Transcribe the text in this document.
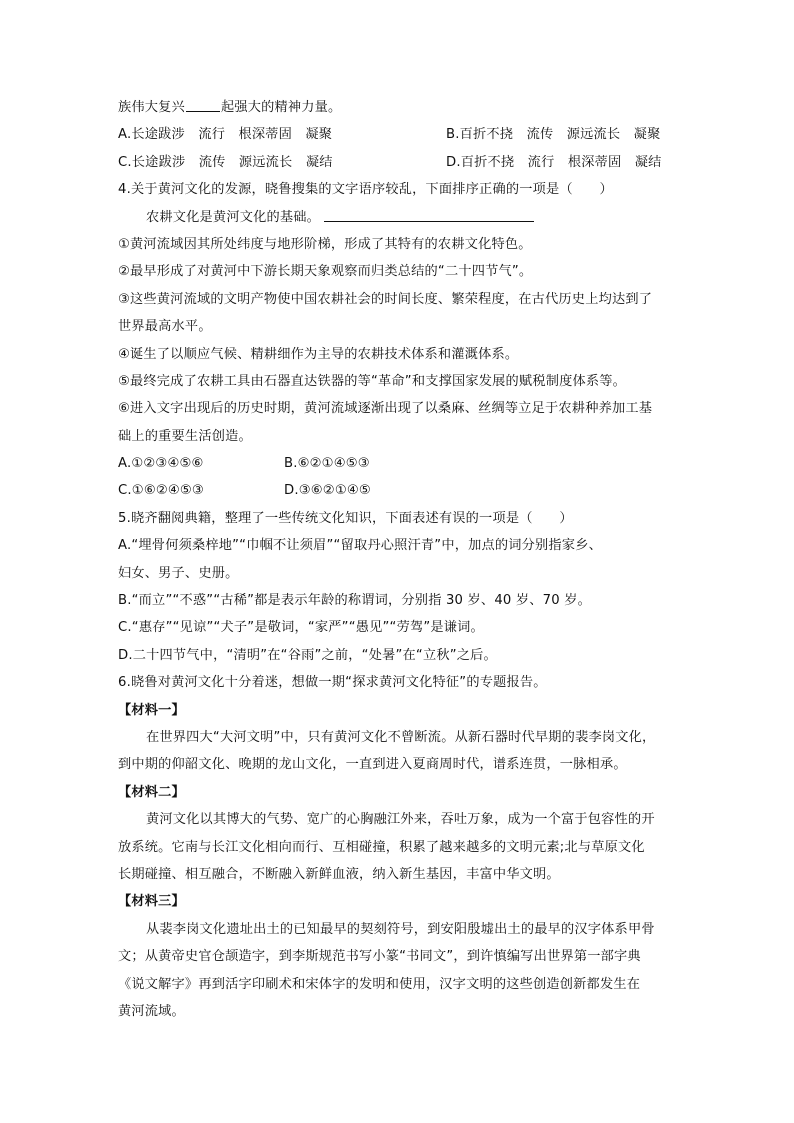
族伟大复兴	起强大的精神力量。
A.长途跋涉　流行　根深蒂固　凝聚	B.百折不挠　流传　源远流长　凝聚
C.长途跋涉　流传　源远流长　凝结	D.百折不挠　流行　根深蒂固　凝结
4.关于黄河文化的发源，晓鲁搜集的文字语序较乱，下面排序正确的一项是（　　）
农耕文化是黄河文化的基础。
①黄河流域因其所处纬度与地形阶梯，形成了其特有的农耕文化特色。
②最早形成了对黄河中下游长期天象观察而归类总结的“二十四节气”。
③这些黄河流域的文明产物使中国农耕社会的时间长度、繁荣程度，在古代历史上均达到了
世界最高水平。
④诞生了以顺应气候、精耕细作为主导的农耕技术体系和灌溉体系。
⑤最终完成了农耕工具由石器直达铁器的等“革命”和支撑国家发展的赋税制度体系等。
⑥进入文字出现后的历史时期，黄河流域逐渐出现了以桑麻、丝绸等立足于农耕种养加工基
础上的重要生活创造。
A.①②③④⑤⑥	B.⑥②①④⑤③
C.①⑥②④⑤③	D.③⑥②①④⑤
5.晓齐翻阅典籍，整理了一些传统文化知识，下面表述有误的一项是（　　）
A.“埋骨何须桑梓地”“巾帼不让须眉”“留取丹心照汗青”中，加点的词分别指家乡、
妇女、男子、史册。
B.“而立”“不惑”“古稀”都是表示年龄的称谓词，分别指 30 岁、40 岁、70 岁。
C.“惠存”“见谅”“犬子”是敬词，“家严”“愚见”“劳驾”是谦词。
D.二十四节气中，“清明”在“谷雨”之前，“处暑”在“立秋”之后。
6.晓鲁对黄河文化十分着迷，想做一期“探求黄河文化特征”的专题报告。
【材料一】
在世界四大“大河文明”中，只有黄河文化不曾断流。从新石器时代早期的裴李岗文化，
到中期的仰韶文化、晚期的龙山文化，一直到进入夏商周时代，谱系连贯，一脉相承。
【材料二】
黄河文化以其博大的气势、宽广的心胸融江外来，吞吐万象，成为一个富于包容性的开
放系统。它南与长江文化相向而行、互相碰撞，积累了越来越多的文明元素;北与草原文化
长期碰撞、相互融合，不断融入新鲜血液，纳入新生基因，丰富中华文明。
【材料三】
从裴李岗文化遗址出土的已知最早的契刻符号，到安阳殷墟出土的最早的汉字体系甲骨
文；从黄帝史官仓颉造字，到李斯规范书写小篆“书同文”，到许慎编写出世界第一部字典
《说文解字》再到活字印刷术和宋体字的发明和使用，汉字文明的这些创造创新都发生在
黄河流域。
